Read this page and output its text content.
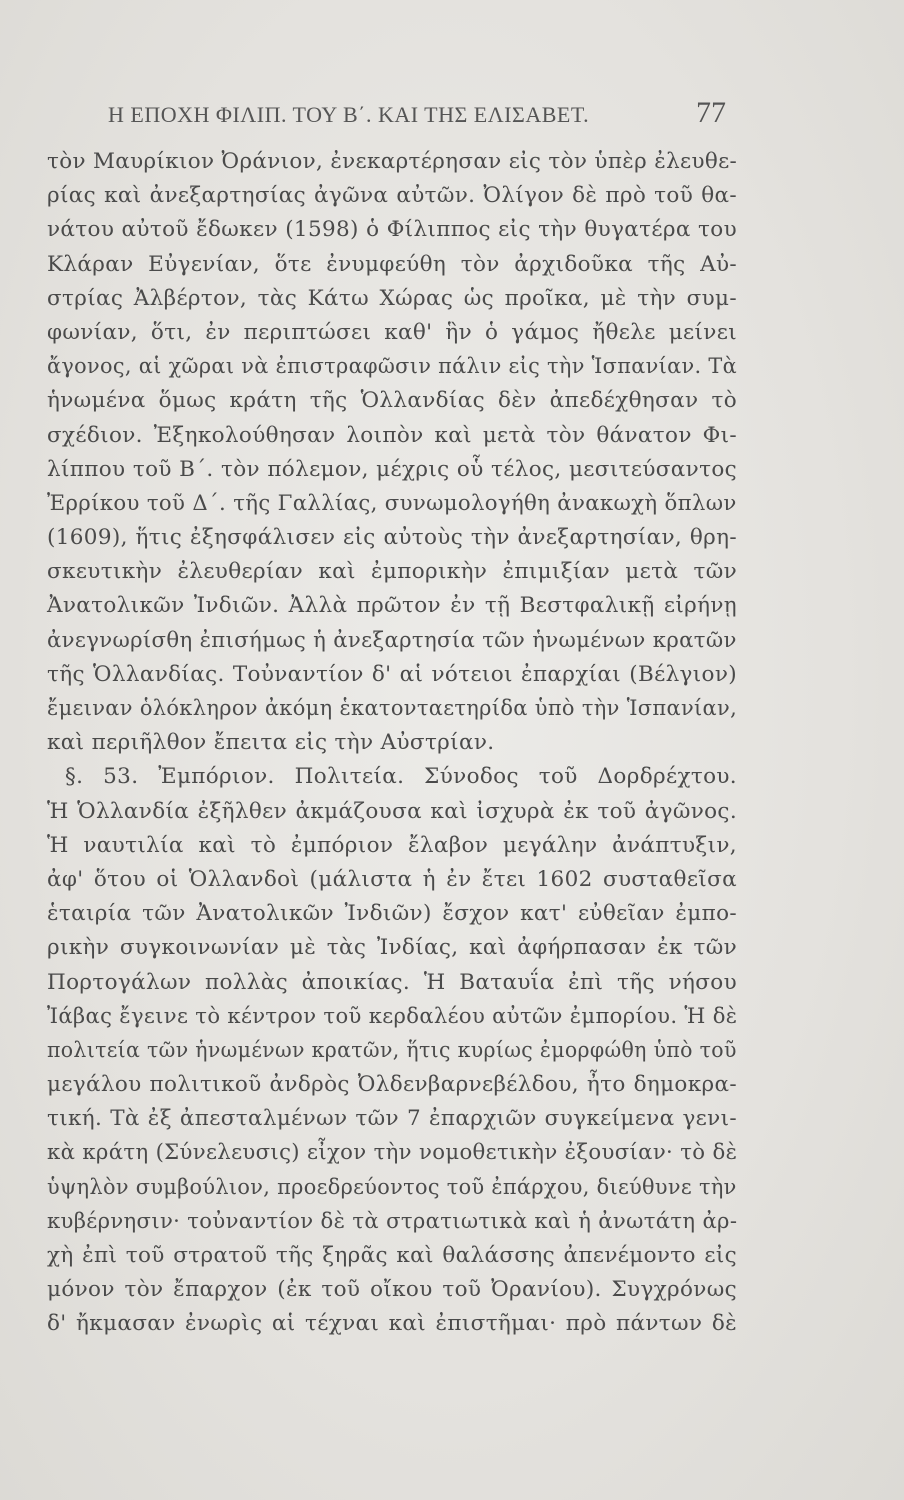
Η ΕΠΟΧΗ ΦΙΛΙΠ. ΤΟΥ Β΄. ΚΑΙ ΤΗΣ ΕΛΙΣΑΒΕΤ.	77
τὸν Μαυρίκιον Ὀράνιον, ἐνεκαρτέρησαν εἰς τὸν ὑπὲρ ἐλευθε-
ρίας καὶ ἀνεξαρτησίας ἀγῶνα αὐτῶν. Ὀλίγον δὲ πρὸ τοῦ θα-
νάτου αὐτοῦ ἔδωκεν (1598) ὁ Φίλιππος εἰς τὴν θυγατέρα του
Κλάραν Εὐγενίαν, ὅτε ἐνυμφεύθη τὸν ἀρχιδοῦκα τῆς Αὐ-
στρίας Ἀλβέρτον, τὰς Κάτω Χώρας ὡς προῖκα, μὲ τὴν συμ-
φωνίαν, ὅτι, ἐν περιπτώσει καθ' ἣν ὁ γάμος ἤθελε μείνει
ἄγονος, αἱ χῶραι νὰ ἐπιστραφῶσιν πάλιν εἰς τὴν Ἱσπανίαν. Τὰ
ἡνωμένα ὅμως κράτη τῆς Ὁλλανδίας δὲν ἀπεδέχθησαν τὸ
σχέδιον. Ἐξηκολούθησαν λοιπὸν καὶ μετὰ τὸν θάνατον Φι-
λίππου τοῦ Β΄. τὸν πόλεμον, μέχρις οὗ τέλος, μεσιτεύσαντος
Ἐρρίκου τοῦ Δ΄. τῆς Γαλλίας, συνωμολογήθη ἀνακωχὴ ὅπλων
(1609), ἥτις ἐξησφάλισεν εἰς αὐτοὺς τὴν ἀνεξαρτησίαν, θρη-
σκευτικὴν ἐλευθερίαν καὶ ἐμπορικὴν ἐπιμιξίαν μετὰ τῶν
Ἀνατολικῶν Ἰνδιῶν. Ἀλλὰ πρῶτον ἐν τῇ Βεστφαλικῇ εἰρήνῃ
ἀνεγνωρίσθη ἐπισήμως ἡ ἀνεξαρτησία τῶν ἡνωμένων κρατῶν
τῆς Ὁλλανδίας. Τοὐναντίον δ' αἱ νότειοι ἐπαρχίαι (Βέλγιον)
ἔμειναν ὁλόκληρον ἀκόμη ἑκατονταετηρίδα ὑπὸ τὴν Ἱσπανίαν,
καὶ περιῆλθον ἔπειτα εἰς τὴν Αὐστρίαν.
§. 53. Ἐμπόριον. Πολιτεία. Σύνοδος τοῦ Δορδρέχτου.
Ἡ Ὁλλανδία ἐξῆλθεν ἀκμάζουσα καὶ ἰσχυρὰ ἐκ τοῦ ἀγῶνος.
Ἡ ναυτιλία καὶ τὸ ἐμπόριον ἔλαβον μεγάλην ἀνάπτυξιν,
ἀφ' ὅτου οἱ Ὁλλανδοὶ (μάλιστα ἡ ἐν ἔτει 1602 συσταθεῖσα
ἑταιρία τῶν Ἀνατολικῶν Ἰνδιῶν) ἔσχον κατ' εὐθεῖαν ἐμπο-
ρικὴν συγκοινωνίαν μὲ τὰς Ἰνδίας, καὶ ἀφήρπασαν ἐκ τῶν
Πορτογάλων πολλὰς ἀποικίας. Ἡ Βαταυΐα ἐπὶ τῆς νήσου
Ἰάβας ἔγεινε τὸ κέντρον τοῦ κερδαλέου αὐτῶν ἐμπορίου. Ἡ δὲ
πολιτεία τῶν ἡνωμένων κρατῶν, ἥτις κυρίως ἐμορφώθη ὑπὸ τοῦ
μεγάλου πολιτικοῦ ἀνδρὸς Ὀλδενβαρνεβέλδου, ἦτο δημοκρα-
τική. Τὰ ἐξ ἀπεσταλμένων τῶν 7 ἐπαρχιῶν συγκείμενα γενι-
κὰ κράτη (Σύνελευσις) εἶχον τὴν νομοθετικὴν ἐξουσίαν· τὸ δὲ
ὑψηλὸν συμβούλιον, προεδρεύοντος τοῦ ἐπάρχου, διεύθυνε τὴν
κυβέρνησιν· τοὐναντίον δὲ τὰ στρατιωτικὰ καὶ ἡ ἀνωτάτη ἀρ-
χὴ ἐπὶ τοῦ στρατοῦ τῆς ξηρᾶς καὶ θαλάσσης ἀπενέμοντο εἰς
μόνον τὸν ἔπαρχον (ἐκ τοῦ οἴκου τοῦ Ὀρανίου). Συγχρόνως
δ' ἤκμασαν ἐνωρὶς αἱ τέχναι καὶ ἐπιστῆμαι· πρὸ πάντων δὲ
